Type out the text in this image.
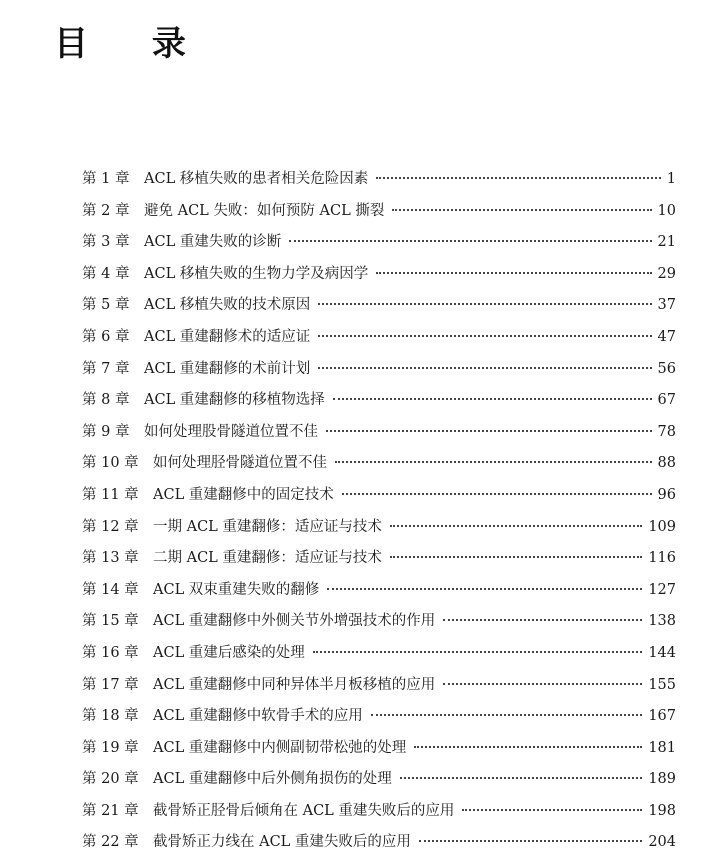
目 录
第 1 章	ACL 移植失败的患者相关危险因素	1
第 2 章	避免 ACL 失败：如何预防 ACL 撕裂	10
第 3 章	ACL 重建失败的诊断	21
第 4 章	ACL 移植失败的生物力学及病因学	29
第 5 章	ACL 移植失败的技术原因	37
第 6 章	ACL 重建翻修术的适应证	47
第 7 章	ACL 重建翻修的术前计划	56
第 8 章	ACL 重建翻修的移植物选择	67
第 9 章	如何处理股骨隧道位置不佳	78
第 10 章 如何处理胫骨隧道位置不佳	88
第 11 章 ACL 重建翻修中的固定技术	96
第 12 章 一期 ACL 重建翻修：适应证与技术	109
第 13 章 二期 ACL 重建翻修：适应证与技术	116
第 14 章 ACL 双束重建失败的翻修	127
第 15 章 ACL 重建翻修中外侧关节外增强技术的作用	138
第 16 章 ACL 重建后感染的处理	144
第 17 章 ACL 重建翻修中同种异体半月板移植的应用	155
第 18 章 ACL 重建翻修中软骨手术的应用	167
第 19 章 ACL 重建翻修中内侧副韧带松弛的处理	181
第 20 章 ACL 重建翻修中后外侧角损伤的处理	189
第 21 章 截骨矫正胫骨后倾角在 ACL 重建失败后的应用	198
第 22 章 截骨矫正力线在 ACL 重建失败后的应用	204
